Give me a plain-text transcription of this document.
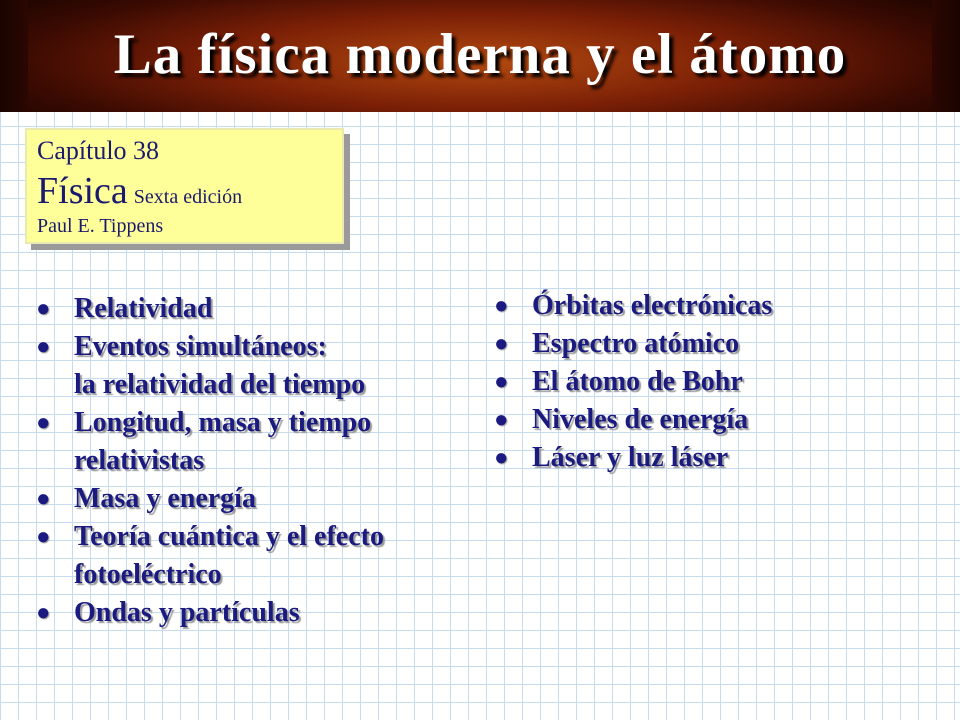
La física moderna y el átomo
Capítulo 38
Física Sexta edición
Paul E. Tippens
● Relatividad
● Eventos simultáneos:
la relatividad del tiempo
● Longitud, masa y tiempo
relativistas
● Masa y energía
● Teoría cuántica y el efecto
fotoeléctrico
● Ondas y partículas
● Órbitas electrónicas
● Espectro atómico
● El átomo de Bohr
● Niveles de energía
● Láser y luz láser
